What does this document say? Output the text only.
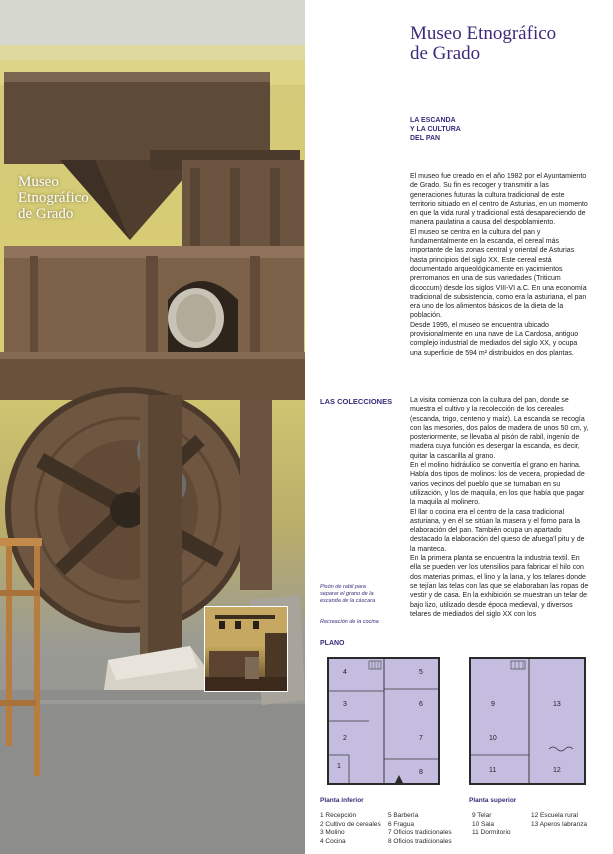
Museo
Etnográfico
de Grado
Museo Etnográfico
de Grado
LA ESCANDA
Y LA CULTURA
DEL PAN

El museo fue creado en el año 1982 por el Ayuntamiento de Grado. Su fin es recoger y transmitir a las generaciones futuras la cultura tradicional de este territorio situado en el centro de Asturias, en un momento en que la vida rural y tradicional está desapareciendo de manera paulatina a causa del despoblamiento.

El museo se centra en la cultura del pan y fundamentalmente en la escanda, el cereal más importante de las zonas central y oriental de Asturias hasta principios del siglo XX. Este cereal está documentado arqueológicamente en yacimientos prerromanos en una de sus variedades (Triticum dicoccum) desde los siglos VIII-VI a.C. En una economía tradicional de subsistencia, como era la asturiana, el pan era uno de los alimentos básicos de la dieta de la población.

Desde 1995, el museo se encuentra ubicado provisionalmente en una nave de La Cardosa, antiguo complejo industrial de mediados del siglo XX, y ocupa una superficie de 594 m² distribuidos en dos plantas.

LAS COLECCIONES	La visita comienza con la cultura del pan, donde se muestra el cultivo y la recolección de los cereales (escanda, trigo, centeno y maíz). La escanda se recogía con las mesories, dos palos de madera de unos 50 cm, y, posteriormente, se llevaba al pisón de rabil, ingenio de madera cuya función es desergar la escanda, es decir, quitar la cascarilla al grano.

En el molino hidráulico se convertía el grano en harina. Había dos tipos de molinos: los de vecera, propiedad de varios vecinos del pueblo que se turnaban en su utilización, y los de maquila, en los que había que pagar la maquila al molinero.

El llar o cocina era el centro de la casa tradicional asturiana, y en él se sitúan la masera y el forno para la elaboración del pan. También ocupa un apartado destacado la elaboración del queso de afuega'l pitu y de la manteca.

En la primera planta se encuentra la industria textil. En ella se pueden ver los utensilios para fabricar el hilo con dos materias primas, el lino y la lana, y los telares donde se tejían las telas con las que se elaboraban las ropas de vestir y de casa. En la exhibición se muestran un telar de bajo lizo, utilizado desde época medieval, y diversos telares de mediados del siglo XX con los

Pisón de rabil para
separar el grano de la
escanda de la cáscara
Recreación de la cocina
PLANO
4	5
3	6
2	7
1
8
9	13
10
11	12
Planta inferior	Planta superior
1 Recepción
2 Cultivo de cereales
3 Molino
4 Cocina
5 Barbería
6 Fragua
7 Oficios tradicionales
8 Oficios tradicionales
9 Telar
10 Sala
11 Dormitorio
12 Escuela rural
13 Aperos labranza
